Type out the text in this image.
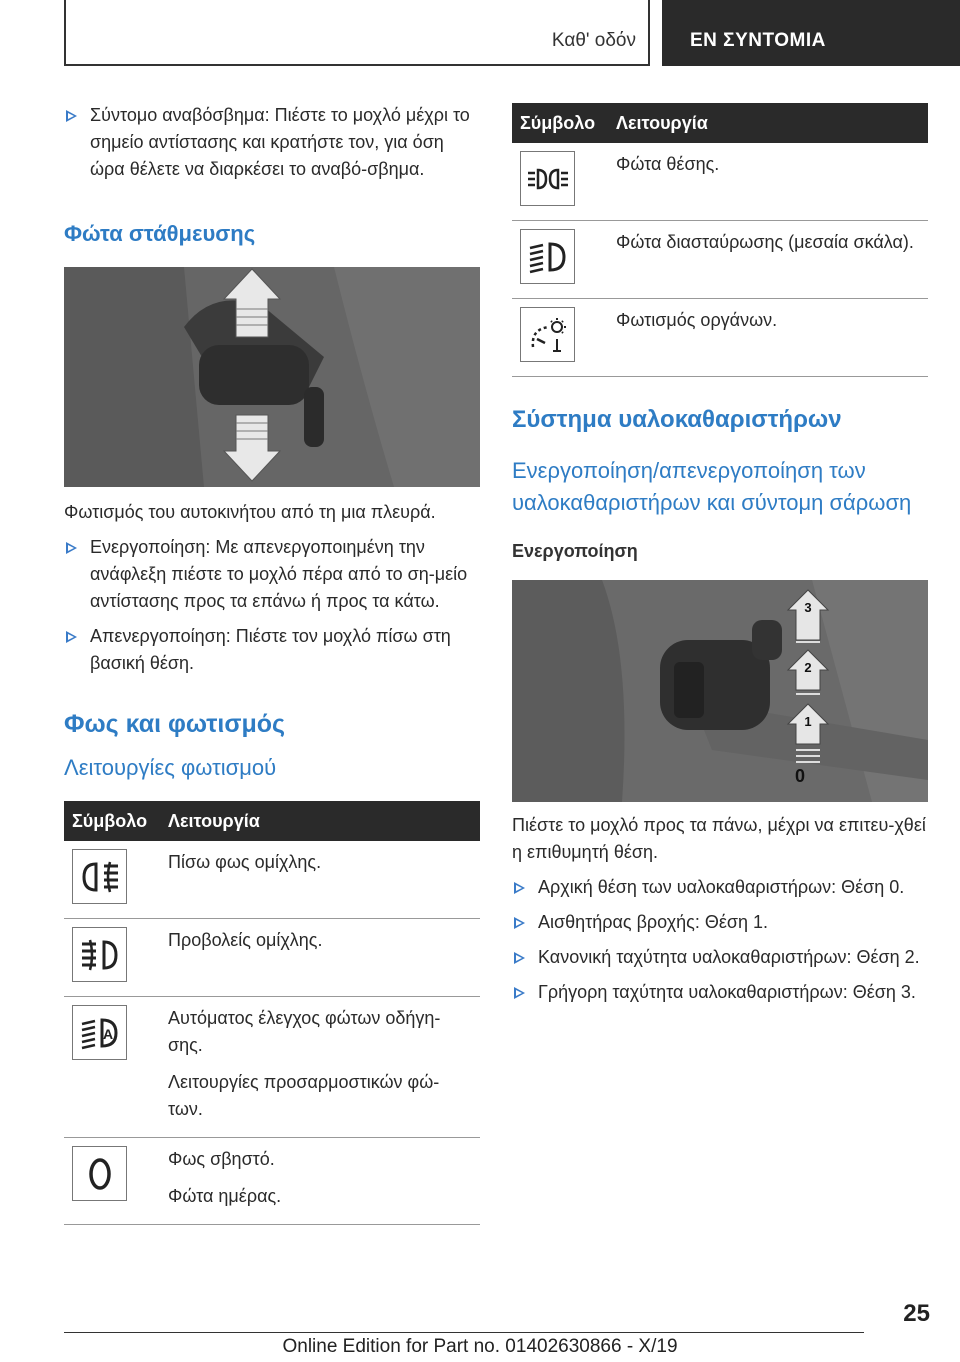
Καθ' οδόν	ΕΝ ΣΥΝΤΟΜΙΑ
Σύντομο αναβόσβημα: Πιέστε το μοχλό μέχρι το σημείο αντίστασης και κρατήστε τον, για όση ώρα θέλετε να διαρκέσει το αναβό-σβημα.
Φώτα στάθμευσης

Φωτισμός του αυτοκινήτου από τη μια πλευρά.

Ενεργοποίηση: Με απενεργοποιημένη την ανάφλεξη πιέστε το μοχλό πέρα από το ση-μείο αντίστασης προς τα επάνω ή προς τα κάτω.
Απενεργοποίηση: Πιέστε τον μοχλό πίσω στη βασική θέση.
Φως και φωτισμός
Λειτουργίες φωτισμού
Σύμβολο	Λειτουργία

Πίσω φως ομίχλης.

Προβολείς ομίχλης.

A	Αυτόματος έλεγχος φώτων οδήγη-σης.
Λειτουργίες προσαρμοστικών φώ-των.

Φως σβηστό.
Φώτα ημέρας.
Σύμβολο	Λειτουργία

Φώτα θέσης.

Φώτα διασταύρωσης (μεσαία σκάλα).

Φωτισμός οργάνων.
Σύστημα υαλοκαθαριστήρων
Ενεργοποίηση/απενεργοποίηση των υαλοκαθαριστήρων και σύντομη σάρωση
Ενεργοποίηση
3
2
1
0

Πιέστε το μοχλό προς τα πάνω, μέχρι να επιτευ-χθεί η επιθυμητή θέση.

Αρχική θέση των υαλοκαθαριστήρων: Θέση 0.
Αισθητήρας βροχής: Θέση 1.
Κανονική ταχύτητα υαλοκαθαριστήρων: Θέση 2.
Γρήγορη ταχύτητα υαλοκαθαριστήρων: Θέση 3.
25
Online Edition for Part no. 01402630866 - X/19
